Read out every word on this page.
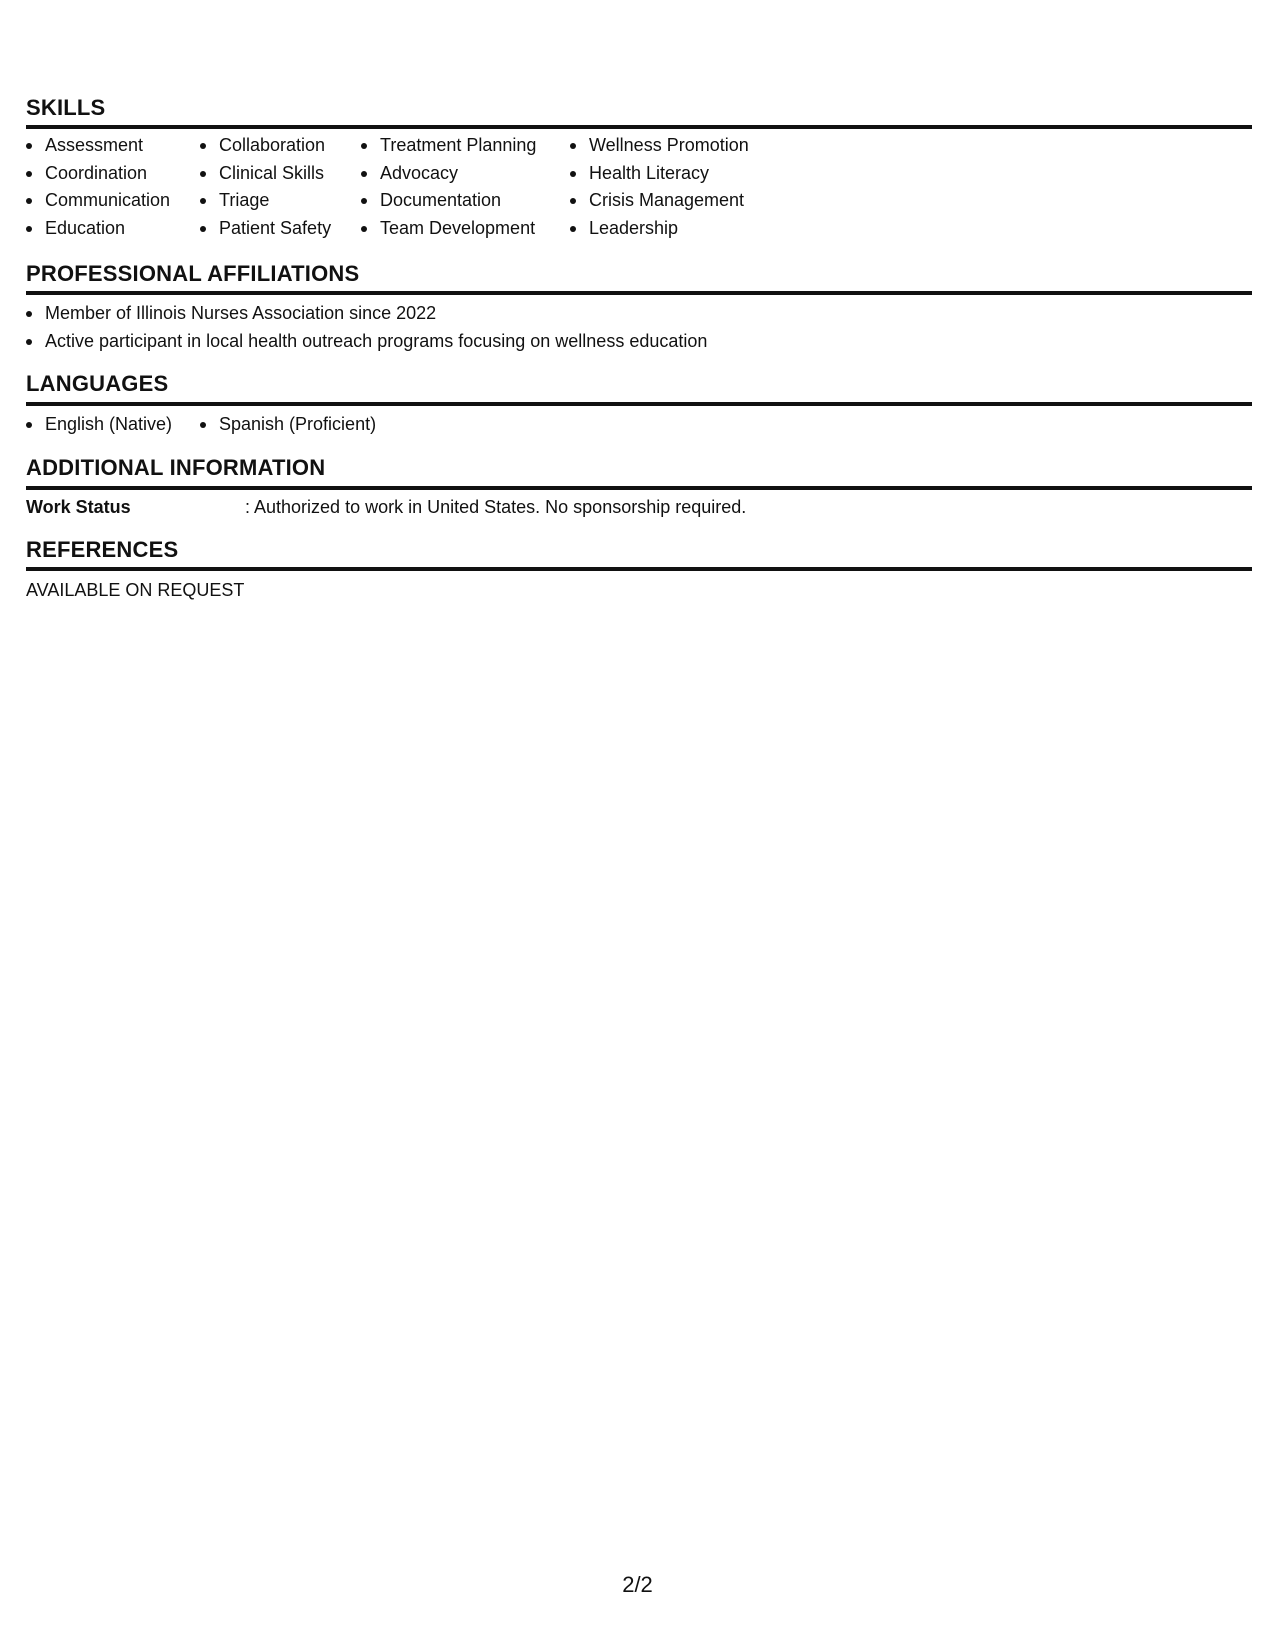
SKILLS
Assessment
Coordination
Communication
Education
Collaboration
Clinical Skills
Triage
Patient Safety
Treatment Planning
Advocacy
Documentation
Team Development
Wellness Promotion
Health Literacy
Crisis Management
Leadership
PROFESSIONAL AFFILIATIONS
Member of Illinois Nurses Association since 2022
Active participant in local health outreach programs focusing on wellness education
LANGUAGES
English (Native)	Spanish (Proficient)
ADDITIONAL INFORMATION
Work Status	: Authorized to work in United States. No sponsorship required.
REFERENCES
AVAILABLE ON REQUEST
2/2
